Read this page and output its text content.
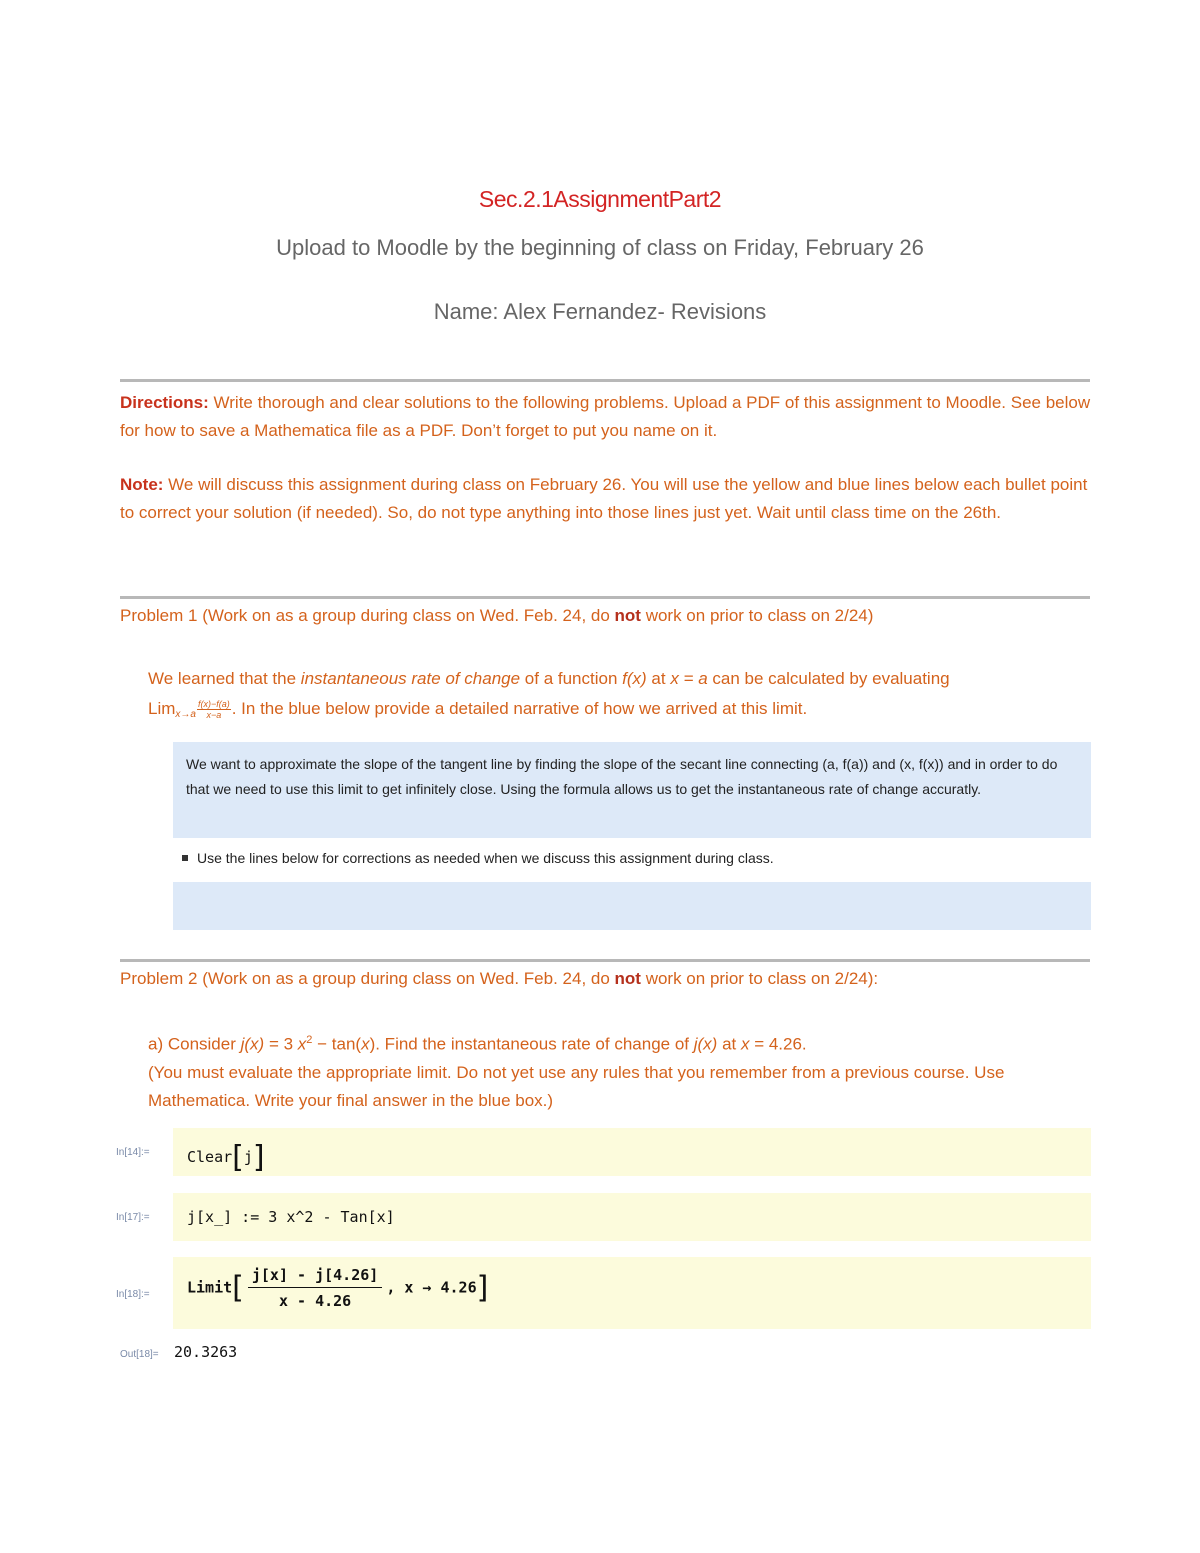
Sec.2.1AssignmentPart2
Upload to Moodle by the beginning of class on Friday, February 26
Name: Alex Fernandez- Revisions
Directions: Write thorough and clear solutions to the following problems. Upload a PDF of this assignment to Moodle. See below for how to save a Mathematica file as a PDF. Don’t forget to put you name on it.
Note: We will discuss this assignment during class on February 26. You will use the yellow and blue lines below each bullet point to correct your solution (if needed). So, do not type anything into those lines just yet. Wait until class time on the 26th.
Problem 1 (Work on as a group during class on Wed. Feb. 24, do not work on prior to class on 2/24)
We learned that the instantaneous rate of change of a function f(x) at x = a can be calculated by evaluating
$Lim_{x\to a} \frac{f(x)-f(a)}{x-a}$ . In the blue below provide a detailed narrative of how we arrived at this limit.
We want to approximate the slope of the tangent line by finding the slope of the secant line connecting (a, f(a)) and (x, f(x)) and in order to do that we need to use this limit to get infinitely close. Using the formula allows us to get the instantaneous rate of change accuratly.
Use the lines below for corrections as needed when we discuss this assignment during class.
Problem 2 (Work on as a group during class on Wed. Feb. 24, do not work on prior to class on 2/24):
a) Consider j(x) = 3 $x^2 - \tan(x)$. Find the instantaneous rate of change of j(x) at x = 4.26.
(You must evaluate the appropriate limit. Do not yet use any rules that you remember from a previous course. Use Mathematica. Write your final answer in the blue box.)
In[14]:= Clear[j]
In[17]:= j[x_] := 3 x^2 - Tan[x]
In[18]:= Limit[ $\frac{j[x] - j[4.26]}{x - 4.26}$ , x → 4.26]
Out[18]= 20.3263
